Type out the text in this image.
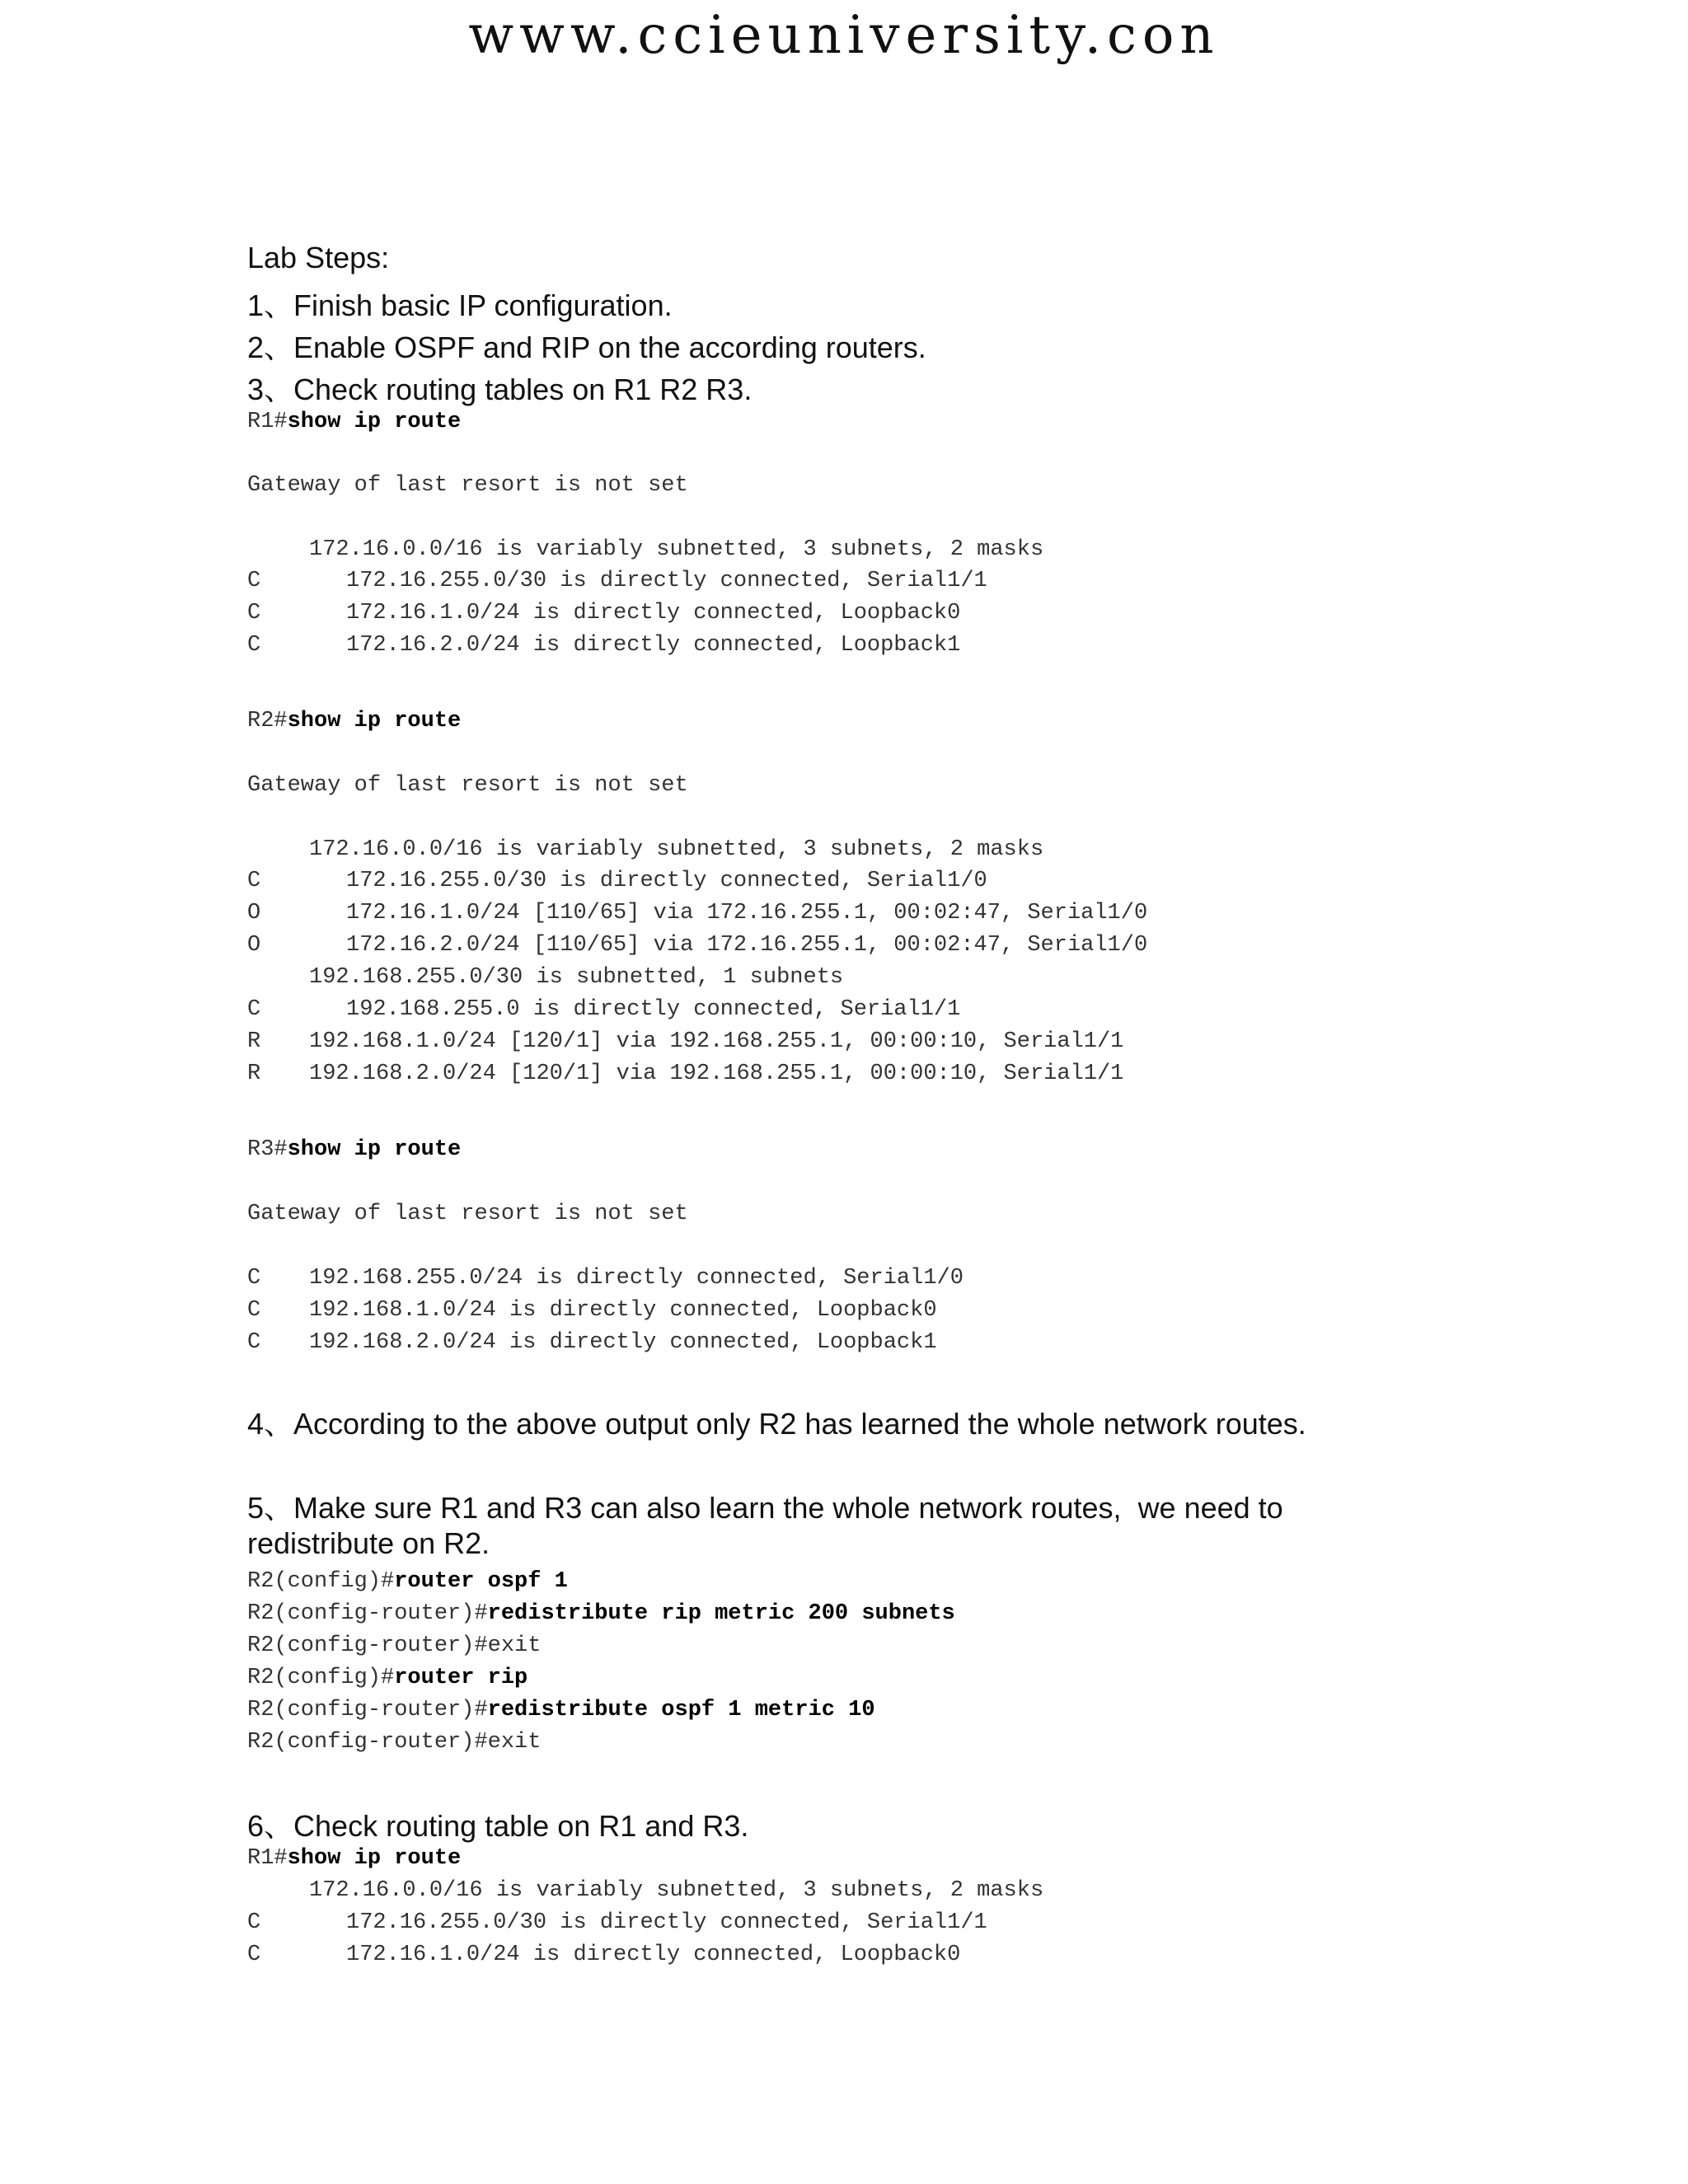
www.ccieuniversity.con
Lab Steps:
1、Finish basic IP configuration.
2、Enable OSPF and RIP on the according routers.
3、Check routing tables on R1 R2 R3.
R1#show ip route
Gateway of last resort is not set
172.16.0.0/16 is variably subnetted, 3 subnets, 2 masks
C	172.16.255.0/30 is directly connected, Serial1/1
C	172.16.1.0/24 is directly connected, Loopback0
C	172.16.2.0/24 is directly connected, Loopback1
R2#show ip route
Gateway of last resort is not set
172.16.0.0/16 is variably subnetted, 3 subnets, 2 masks
C	172.16.255.0/30 is directly connected, Serial1/0
O	172.16.1.0/24 [110/65] via 172.16.255.1, 00:02:47, Serial1/0
O	172.16.2.0/24 [110/65] via 172.16.255.1, 00:02:47, Serial1/0
192.168.255.0/30 is subnetted, 1 subnets
C	192.168.255.0 is directly connected, Serial1/1
R 192.168.1.0/24 [120/1] via 192.168.255.1, 00:00:10, Serial1/1
R 192.168.2.0/24 [120/1] via 192.168.255.1, 00:00:10, Serial1/1
R3#show ip route
Gateway of last resort is not set
C 192.168.255.0/24 is directly connected, Serial1/0
C 192.168.1.0/24 is directly connected, Loopback0
C 192.168.2.0/24 is directly connected, Loopback1
4、According to the above output only R2 has learned the whole network routes.
5、Make sure R1 and R3 can also learn the whole network routes,  we need to
redistribute on R2.
R2(config)#router ospf 1
R2(config-router)#redistribute rip metric 200 subnets
R2(config-router)#exit
R2(config)#router rip
R2(config-router)#redistribute ospf 1 metric 10
R2(config-router)#exit
6、Check routing table on R1 and R3.
R1#show ip route
172.16.0.0/16 is variably subnetted, 3 subnets, 2 masks
C	172.16.255.0/30 is directly connected, Serial1/1
C	172.16.1.0/24 is directly connected, Loopback0
